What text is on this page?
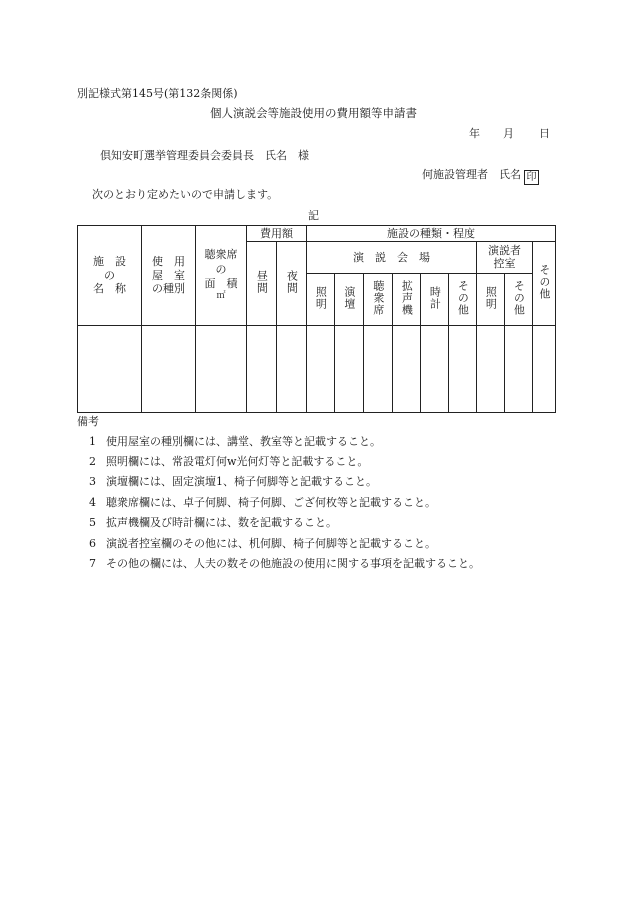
別記様式第145号(第132条関係)
個人演説会等施設使用の費用額等申請書
年 月 日
倶知安町選挙管理委員会委員長　氏名　様
何施設管理者　氏名 印
次のとおり定めたいので申請します。
記
施　設
の
名　称	使　用
屋　室
の種別	聴衆席
の
面　積
㎡	費用額		施設の種類・程度								
			昼間	夜間	演　説　会　場						演説者控室		その他
					照明	演壇	聴衆席	拡声機	時計	その他	照明	その他	

備考
1 使用屋室の種別欄には、講堂、教室等と記載すること。
2 照明欄には、常設電灯何w光何灯等と記載すること。
3 演壇欄には、固定演壇1、椅子何脚等と記載すること。
4 聴衆席欄には、卓子何脚、椅子何脚、ござ何枚等と記載すること。
5 拡声機欄及び時計欄には、数を記載すること。
6 演説者控室欄のその他には、机何脚、椅子何脚等と記載すること。
7 その他の欄には、人夫の数その他施設の使用に関する事項を記載すること。
